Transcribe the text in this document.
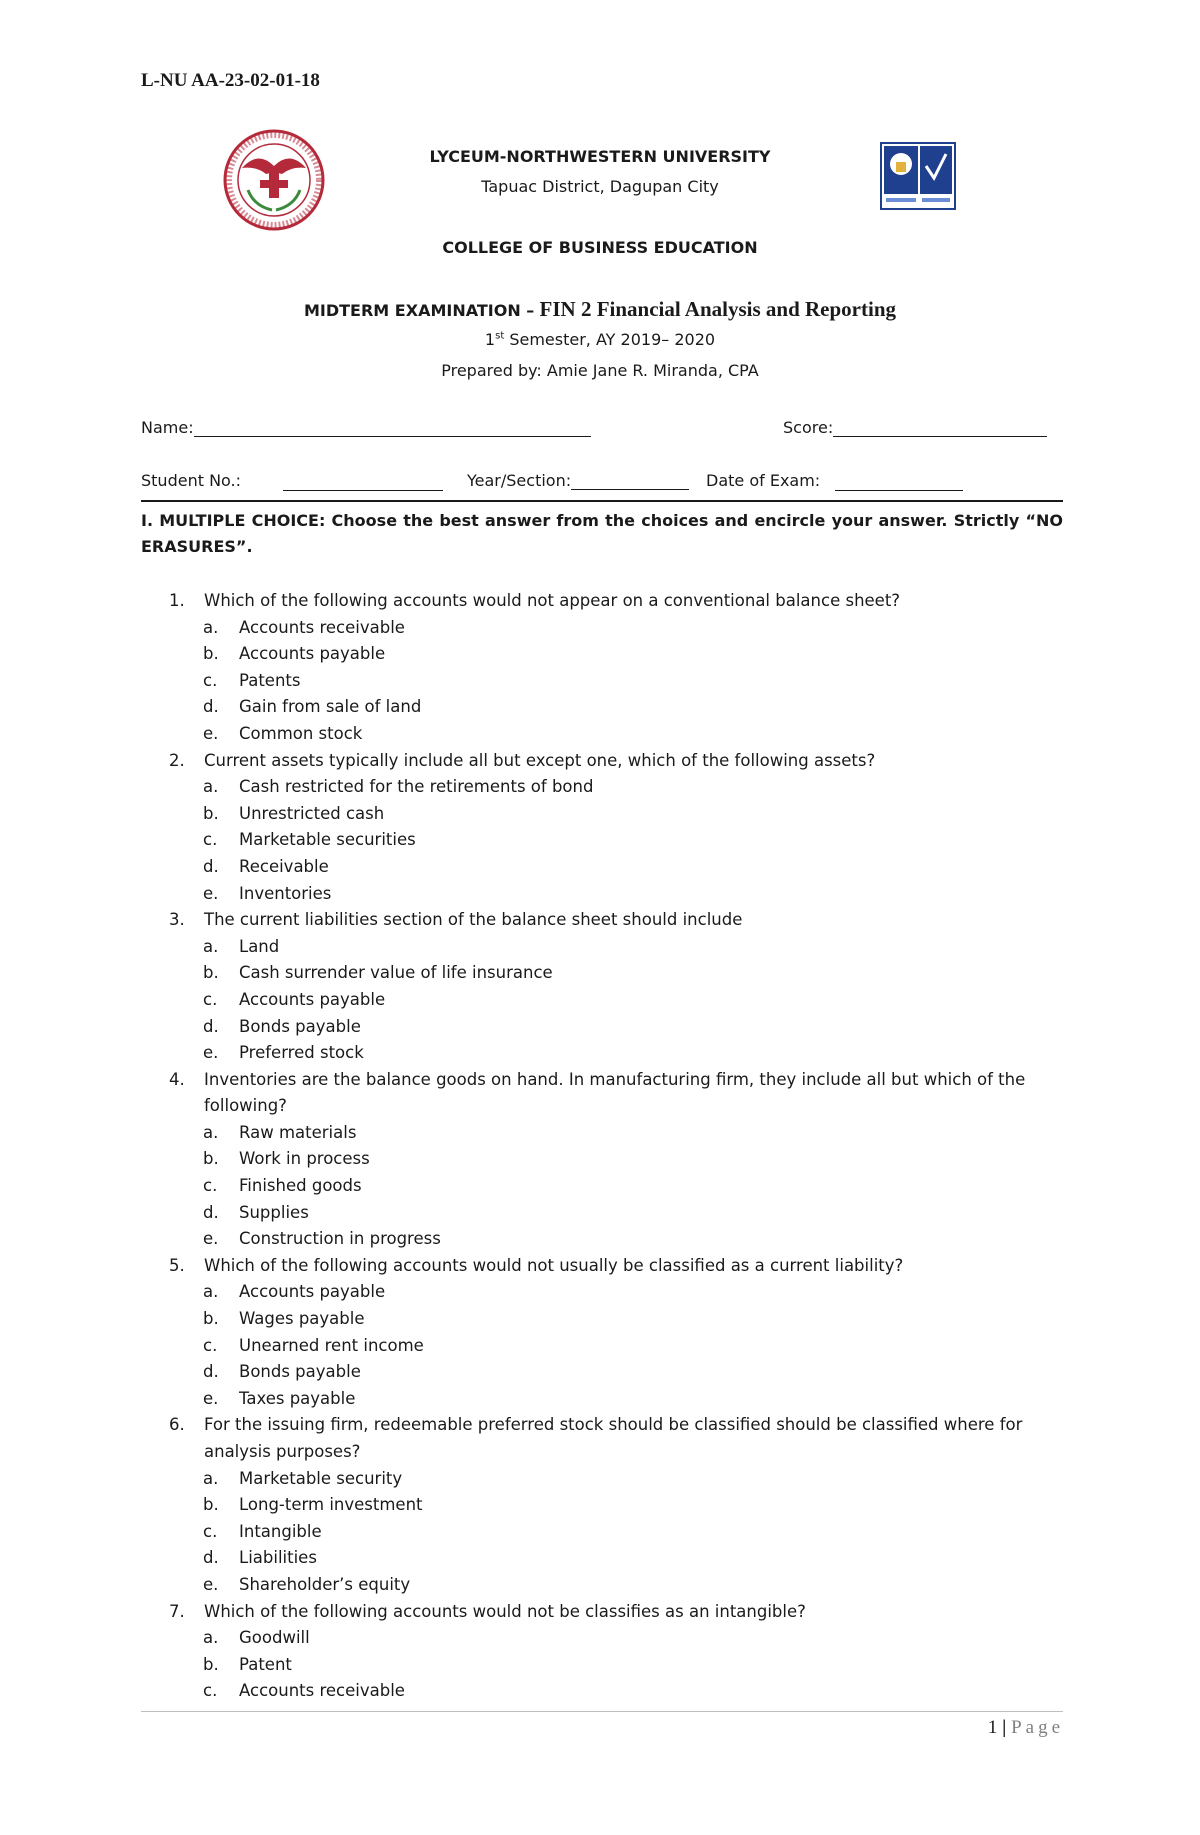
L-NU AA-23-02-01-18
LYCEUM-NORTHWESTERN UNIVERSITY
Tapuac District, Dagupan City
COLLEGE OF BUSINESS EDUCATION
MIDTERM EXAMINATION – FIN 2 Financial Analysis and Reporting
1st Semester, AY 2019– 2020
Prepared by: Amie Jane R. Miranda, CPA
Name:	Score:
Student No.:	Year/Section:	Date of Exam:
I. MULTIPLE CHOICE: Choose the best answer from the choices and encircle your answer. Strictly “NO ERASURES”.
1. Which of the following accounts would not appear on a conventional balance sheet?
a. Accounts receivable
b. Accounts payable
c. Patents
d. Gain from sale of land
e. Common stock
2. Current assets typically include all but except one, which of the following assets?
a. Cash restricted for the retirements of bond
b. Unrestricted cash
c. Marketable securities
d. Receivable
e. Inventories
3. The current liabilities section of the balance sheet should include
a. Land
b. Cash surrender value of life insurance
c. Accounts payable
d. Bonds payable
e. Preferred stock
4. Inventories are the balance goods on hand. In manufacturing firm, they include all but which of the following?
a. Raw materials
b. Work in process
c. Finished goods
d. Supplies
e. Construction in progress
5. Which of the following accounts would not usually be classified as a current liability?
a. Accounts payable
b. Wages payable
c. Unearned rent income
d. Bonds payable
e. Taxes payable
6. For the issuing firm, redeemable preferred stock should be classified should be classified where for analysis purposes?
a. Marketable security
b. Long-term investment
c. Intangible
d. Liabilities
e. Shareholder’s equity
7. Which of the following accounts would not be classifies as an intangible?
a. Goodwill
b. Patent
c. Accounts receivable
1 | Page
